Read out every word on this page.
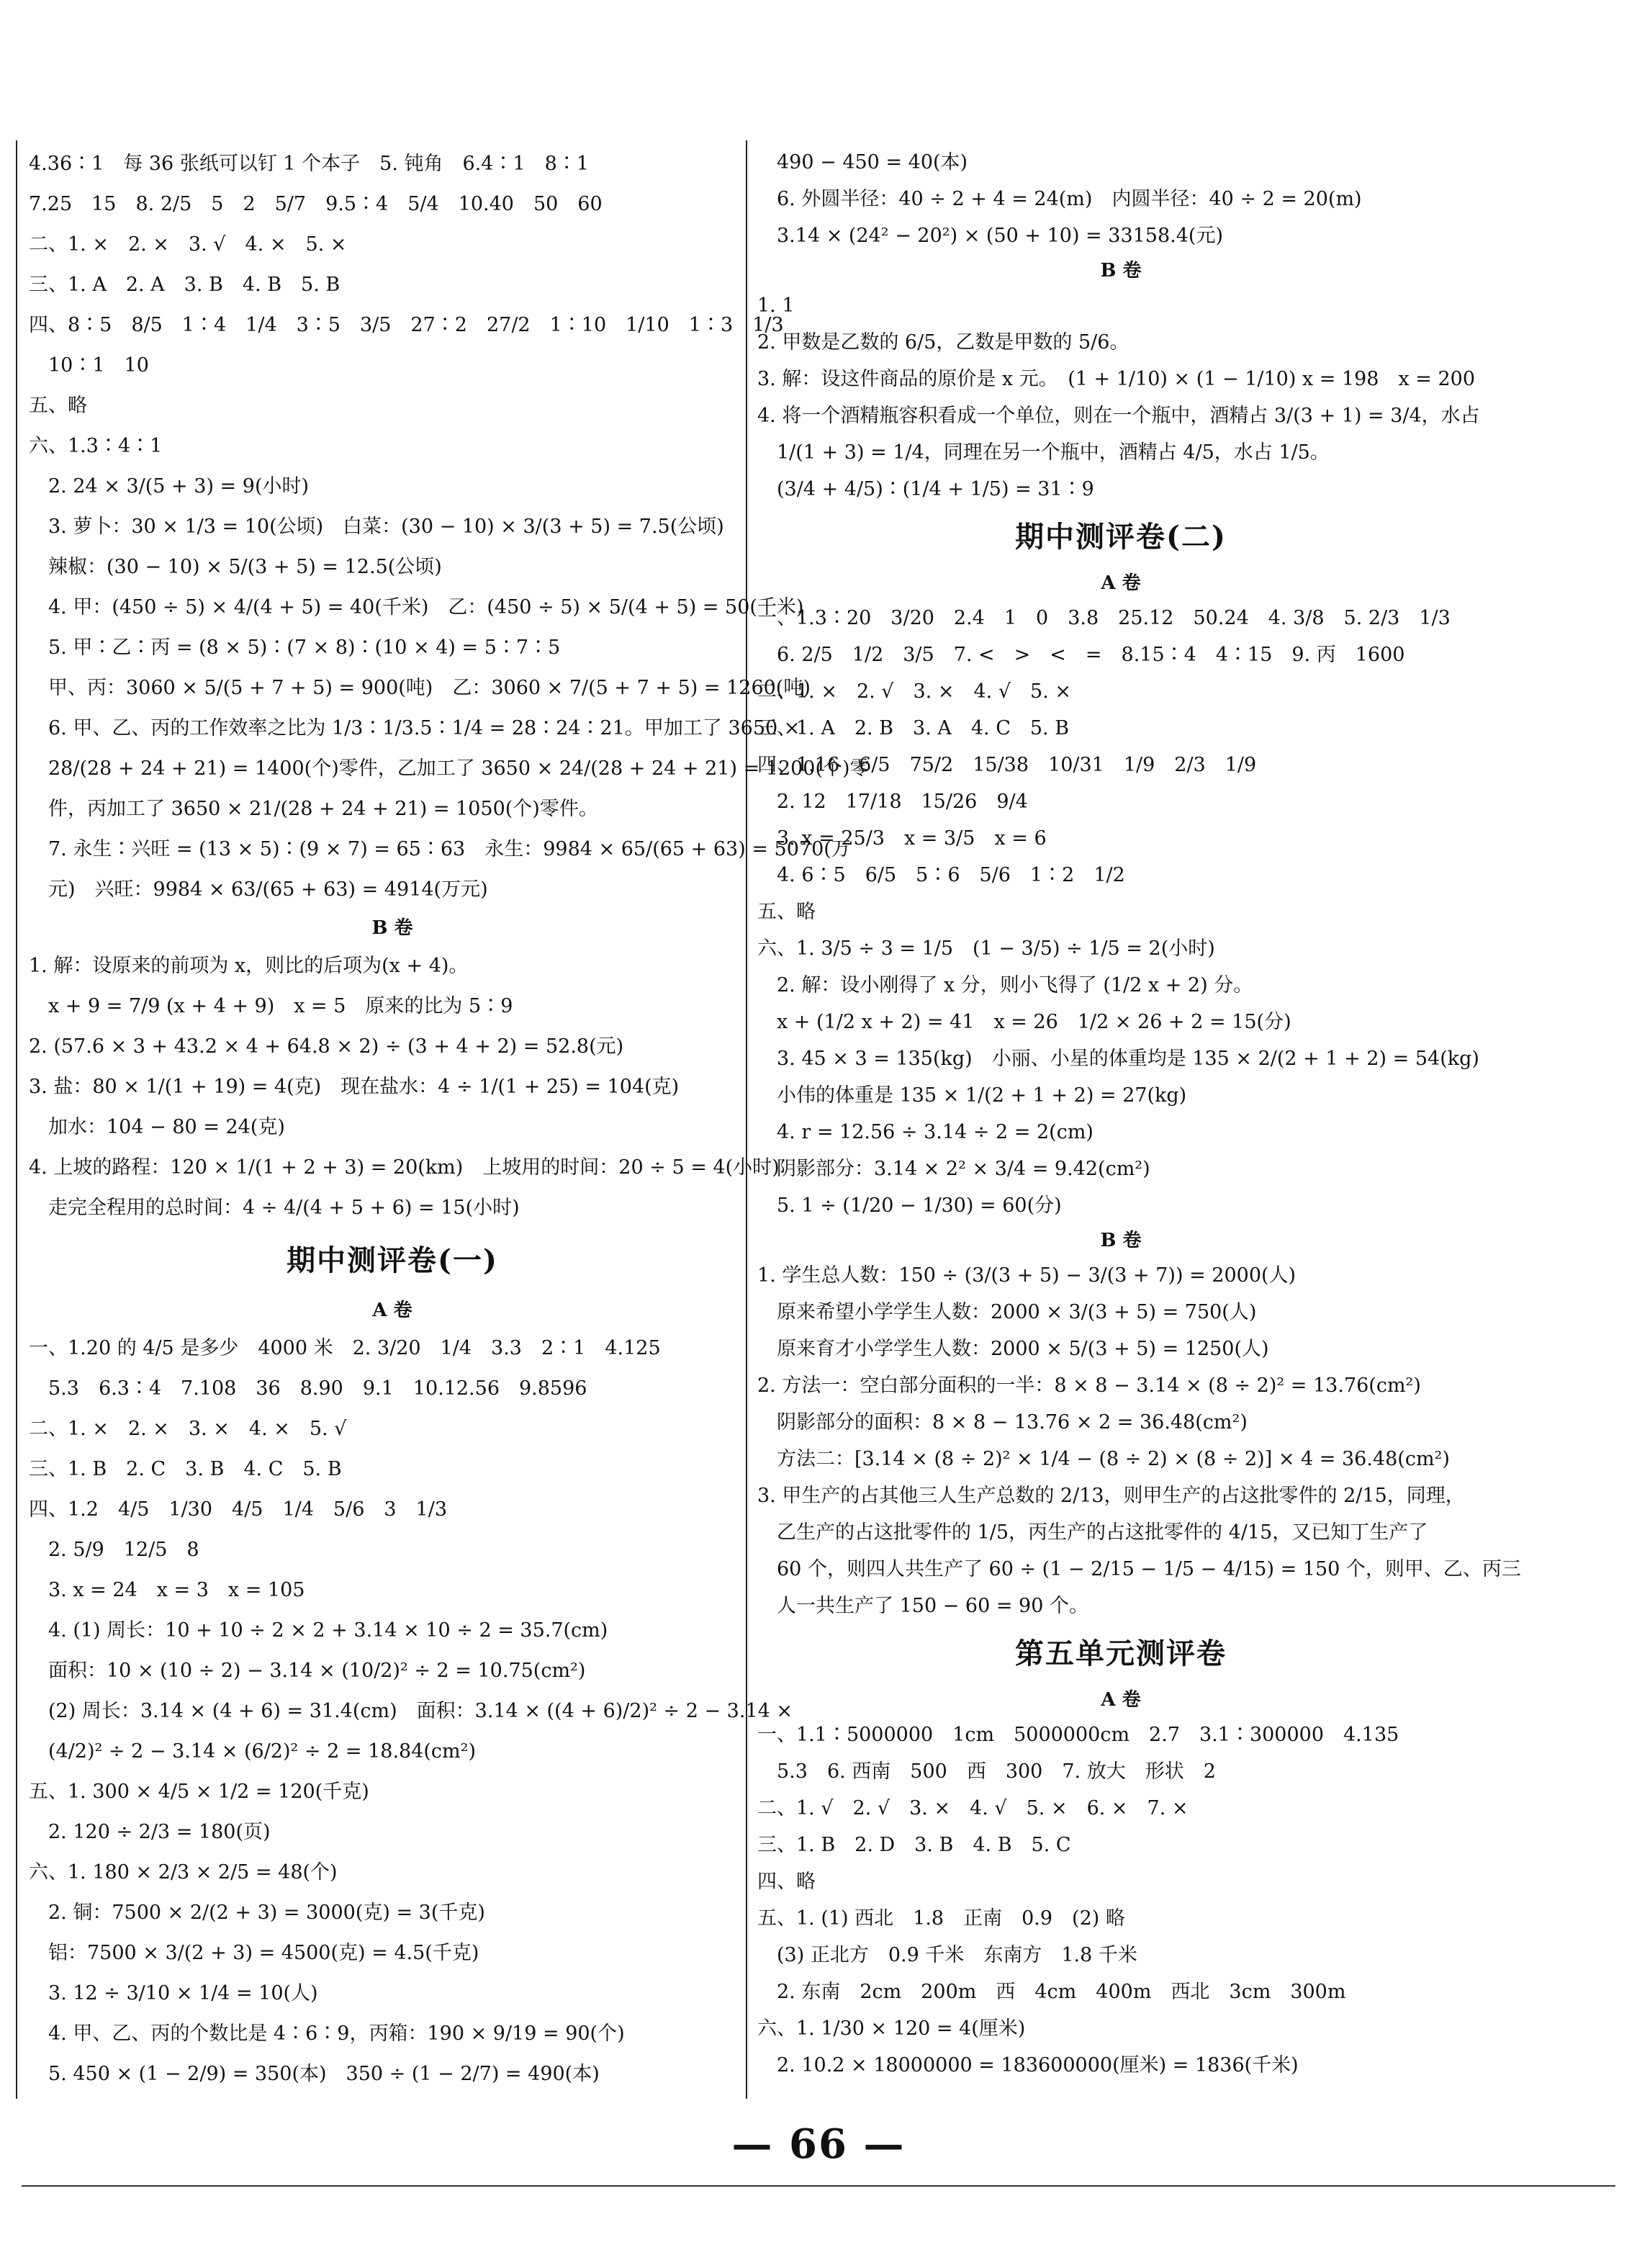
4.36∶1　每 36 张纸可以钉 1 个本子　5. 钝角　6.4∶1　8∶1
7.25　15　8. 2/5　5　2　5/7　9.5∶4　5/4　10.40　50　60
二、1. ×　2. ×　3. √　4. ×　5. ×
三、1. A　2. A　3. B　4. B　5. B
四、8∶5　8/5　1∶4　1/4　3∶5　3/5　27∶2　27/2　1∶10　1/10　1∶3　1/3
　10∶1　10
五、略
六、1.3∶4∶1
　2. 24 × 3/(5 + 3) = 9(小时)
　3. 萝卜：30 × 1/3 = 10(公顷)　白菜：(30 − 10) × 3/(3 + 5) = 7.5(公顷)
　辣椒：(30 − 10) × 5/(3 + 5) = 12.5(公顷)
　4. 甲：(450 ÷ 5) × 4/(4 + 5) = 40(千米)　乙：(450 ÷ 5) × 5/(4 + 5) = 50(千米)
　5. 甲∶乙∶丙 = (8 × 5)∶(7 × 8)∶(10 × 4) = 5∶7∶5
　甲、丙：3060 × 5/(5 + 7 + 5) = 900(吨)　乙：3060 × 7/(5 + 7 + 5) = 1260(吨)
　6. 甲、乙、丙的工作效率之比为 1/3∶1/3.5∶1/4 = 28∶24∶21。甲加工了 3650 ×
　28/(28 + 24 + 21) = 1400(个)零件，乙加工了 3650 × 24/(28 + 24 + 21) = 1200(个)零
　件，丙加工了 3650 × 21/(28 + 24 + 21) = 1050(个)零件。
　7. 永生∶兴旺 = (13 × 5)∶(9 × 7) = 65∶63　永生：9984 × 65/(65 + 63) = 5070(万
　元)　兴旺：9984 × 63/(65 + 63) = 4914(万元)
B 卷
1. 解：设原来的前项为 x，则比的后项为(x + 4)。
　x + 9 = 7/9 (x + 4 + 9)　x = 5　原来的比为 5∶9
2. (57.6 × 3 + 43.2 × 4 + 64.8 × 2) ÷ (3 + 4 + 2) = 52.8(元)
3. 盐：80 × 1/(1 + 19) = 4(克)　现在盐水：4 ÷ 1/(1 + 25) = 104(克)
　加水：104 − 80 = 24(克)
4. 上坡的路程：120 × 1/(1 + 2 + 3) = 20(km)　上坡用的时间：20 ÷ 5 = 4(小时)
　走完全程用的总时间：4 ÷ 4/(4 + 5 + 6) = 15(小时)
期中测评卷(一)
A 卷
一、1.20 的 4/5 是多少　4000 米　2. 3/20　1/4　3.3　2∶1　4.125
　5.3　6.3∶4　7.108　36　8.90　9.1　10.12.56　9.8596
二、1. ×　2. ×　3. ×　4. ×　5. √
三、1. B　2. C　3. B　4. C　5. B
四、1.2　4/5　1/30　4/5　1/4　5/6　3　1/3
　2. 5/9　12/5　8
　3. x = 24　x = 3　x = 105
　4. (1) 周长：10 + 10 ÷ 2 × 2 + 3.14 × 10 ÷ 2 = 35.7(cm)
　面积：10 × (10 ÷ 2) − 3.14 × (10/2)² ÷ 2 = 10.75(cm²)
　(2) 周长：3.14 × (4 + 6) = 31.4(cm)　面积：3.14 × ((4 + 6)/2)² ÷ 2 − 3.14 ×
　(4/2)² ÷ 2 − 3.14 × (6/2)² ÷ 2 = 18.84(cm²)
五、1. 300 × 4/5 × 1/2 = 120(千克)
　2. 120 ÷ 2/3 = 180(页)
六、1. 180 × 2/3 × 2/5 = 48(个)
　2. 铜：7500 × 2/(2 + 3) = 3000(克) = 3(千克)
　铝：7500 × 3/(2 + 3) = 4500(克) = 4.5(千克)
　3. 12 ÷ 3/10 × 1/4 = 10(人)
　4. 甲、乙、丙的个数比是 4∶6∶9，丙箱：190 × 9/19 = 90(个)
　5. 450 × (1 − 2/9) = 350(本)　350 ÷ (1 − 2/7) = 490(本)
　490 − 450 = 40(本)
　6. 外圆半径：40 ÷ 2 + 4 = 24(m)　内圆半径：40 ÷ 2 = 20(m)
　3.14 × (24² − 20²) × (50 + 10) = 33158.4(元)
B 卷
1. 1
2. 甲数是乙数的 6/5，乙数是甲数的 5/6。
3. 解：设这件商品的原价是 x 元。　(1 + 1/10) × (1 − 1/10) x = 198　x = 200
4. 将一个酒精瓶容积看成一个单位，则在一个瓶中，酒精占 3/(3 + 1) = 3/4，水占
　1/(1 + 3) = 1/4，同理在另一个瓶中，酒精占 4/5，水占 1/5。
　(3/4 + 4/5)∶(1/4 + 1/5) = 31∶9
期中测评卷(二)
A 卷
一、1.3∶20　3/20　2.4　1　0　3.8　25.12　50.24　4. 3/8　5. 2/3　1/3
　6. 2/5　1/2　3/5　7. <　>　<　=　8.15∶4　4∶15　9. 丙　1600
二、1. ×　2. √　3. ×　4. √　5. ×
三、1. A　2. B　3. A　4. C　5. B
四、1.16　6/5　75/2　15/38　10/31　1/9　2/3　1/9
　2. 12　17/18　15/26　9/4
　3. x = 25/3　x = 3/5　x = 6
　4. 6∶5　6/5　5∶6　5/6　1∶2　1/2
五、略
六、1. 3/5 ÷ 3 = 1/5　(1 − 3/5) ÷ 1/5 = 2(小时)
　2. 解：设小刚得了 x 分，则小飞得了 (1/2 x + 2) 分。
　x + (1/2 x + 2) = 41　x = 26　1/2 × 26 + 2 = 15(分)
　3. 45 × 3 = 135(kg)　小丽、小星的体重均是 135 × 2/(2 + 1 + 2) = 54(kg)
　小伟的体重是 135 × 1/(2 + 1 + 2) = 27(kg)
　4. r = 12.56 ÷ 3.14 ÷ 2 = 2(cm)
　阴影部分：3.14 × 2² × 3/4 = 9.42(cm²)
　5. 1 ÷ (1/20 − 1/30) = 60(分)
B 卷
1. 学生总人数：150 ÷ (3/(3 + 5) − 3/(3 + 7)) = 2000(人)
　原来希望小学学生人数：2000 × 3/(3 + 5) = 750(人)
　原来育才小学学生人数：2000 × 5/(3 + 5) = 1250(人)
2. 方法一：空白部分面积的一半：8 × 8 − 3.14 × (8 ÷ 2)² = 13.76(cm²)
　阴影部分的面积：8 × 8 − 13.76 × 2 = 36.48(cm²)
　方法二：[3.14 × (8 ÷ 2)² × 1/4 − (8 ÷ 2) × (8 ÷ 2)] × 4 = 36.48(cm²)
3. 甲生产的占其他三人生产总数的 2/13，则甲生产的占这批零件的 2/15，同理，
　乙生产的占这批零件的 1/5，丙生产的占这批零件的 4/15，又已知丁生产了
　60 个，则四人共生产了 60 ÷ (1 − 2/15 − 1/5 − 4/15) = 150 个，则甲、乙、丙三
　人一共生产了 150 − 60 = 90 个。
第五单元测评卷
A 卷
一、1.1∶5000000　1cm　5000000cm　2.7　3.1∶300000　4.135
　5.3　6. 西南　500　西　300　7. 放大　形状　2
二、1. √　2. √　3. ×　4. √　5. ×　6. ×　7. ×
三、1. B　2. D　3. B　4. B　5. C
四、略
五、1. (1) 西北　1.8　正南　0.9　(2) 略
　(3) 正北方　0.9 千米　东南方　1.8 千米
　2. 东南　2cm　200m　西　4cm　400m　西北　3cm　300m
六、1. 1/30 × 120 = 4(厘米)
　2. 10.2 × 18000000 = 183600000(厘米) = 1836(千米)
— 66 —
